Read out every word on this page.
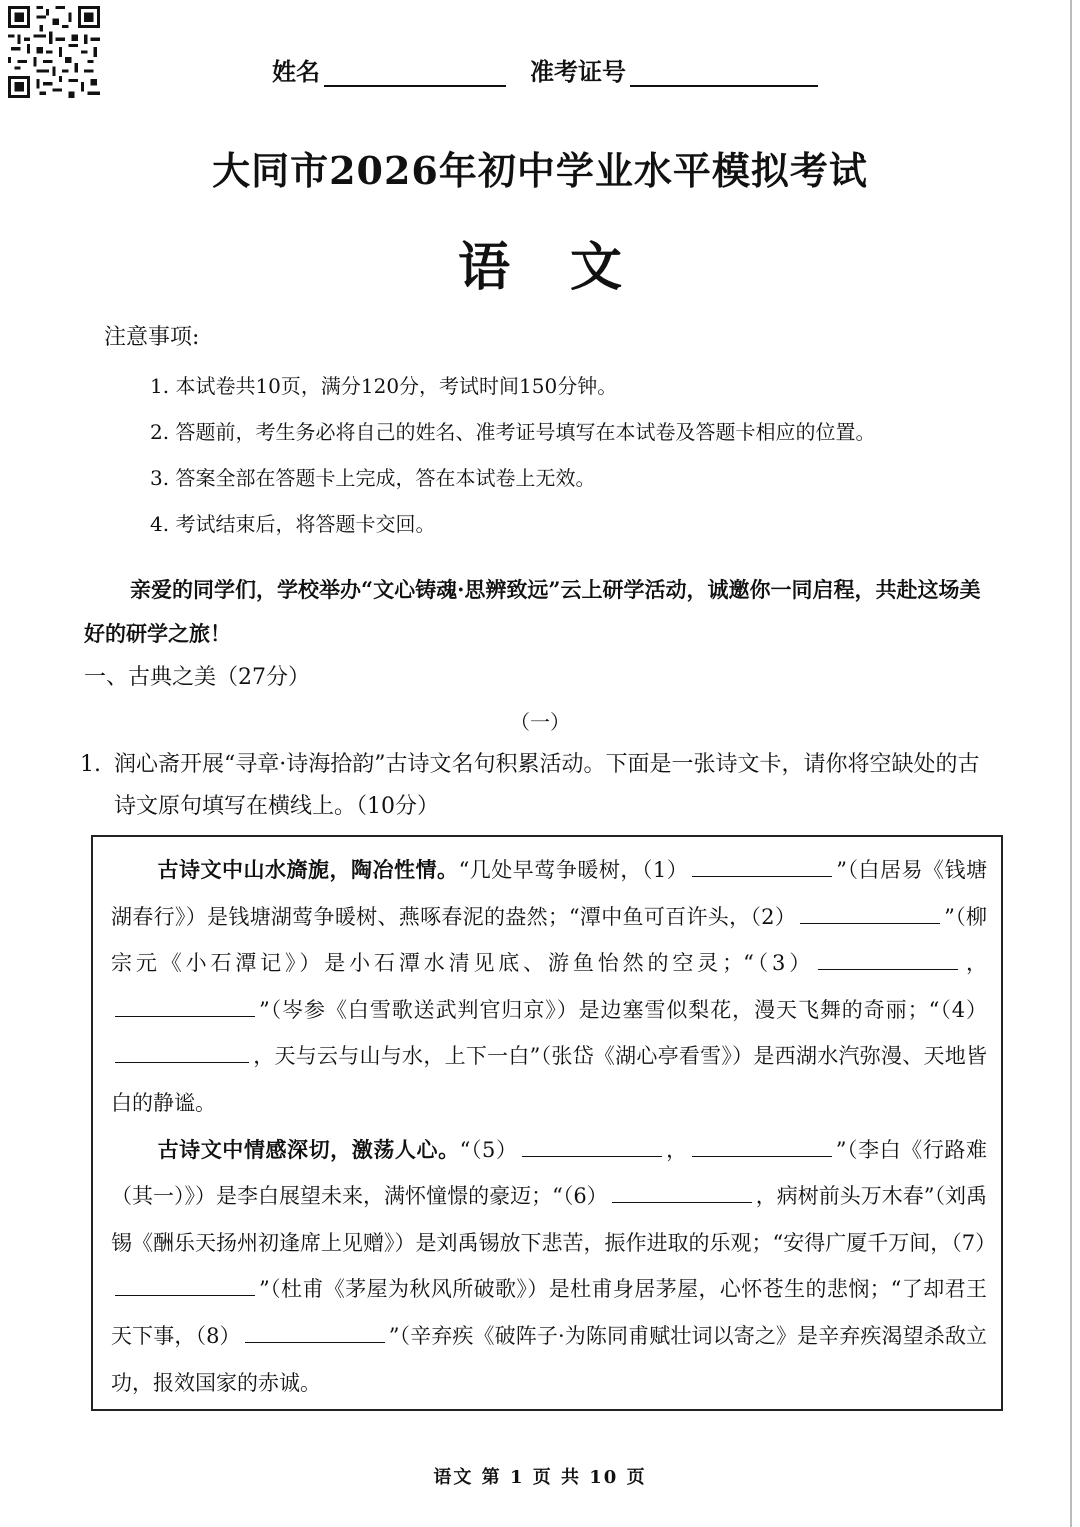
姓名	准考证号
大同市2026年初中学业水平模拟考试
语文
注意事项:
1. 本试卷共10页，满分120分，考试时间150分钟。
2. 答题前，考生务必将自己的姓名、准考证号填写在本试卷及答题卡相应的位置。
3. 答案全部在答题卡上完成，答在本试卷上无效。
4. 考试结束后，将答题卡交回。
亲爱的同学们，学校举办“文心铸魂·思辨致远”云上研学活动，诚邀你一同启程，共赴这场美好的研学之旅！
一、古典之美（27分）
（一）
1. 润心斋开展“寻章·诗海拾韵”古诗文名句积累活动。下面是一张诗文卡，请你将空缺处的古诗文原句填写在横线上。（10分）

古诗文中山水旖旎，陶冶性情。“几处早莺争暖树，（1）	”（白居易《钱塘湖春行》）是钱塘湖莺争暖树、燕啄春泥的盎然；“潭中鱼可百许头，（2）	”（柳宗元《小石潭记》）是小石潭水清见底、游鱼怡然的空灵；“（3）	，”（岑参《白雪歌送武判官归京》）是边塞雪似梨花，漫天飞舞的奇丽；“（4），天与云与山与水，上下一白”（张岱《湖心亭看雪》）是西湖水汽弥漫、天地皆白的静谧。

古诗文中情感深切，激荡人心。“（5）	，	”（李白《行路难（其一）》）是李白展望未来，满怀憧憬的豪迈；“（6）	，病树前头万木春”（刘禹锡《酬乐天扬州初逢席上见赠》）是刘禹锡放下悲苦，振作进取的乐观；“安得广厦千万间，（7）”（杜甫《茅屋为秋风所破歌》）是杜甫身居茅屋，心怀苍生的悲悯；“了却君王天下事，（8）	”（辛弃疾《破阵子·为陈同甫赋壮词以寄之》是辛弃疾渴望杀敌立功，报效国家的赤诚。

语文 第 1 页 共 10 页
